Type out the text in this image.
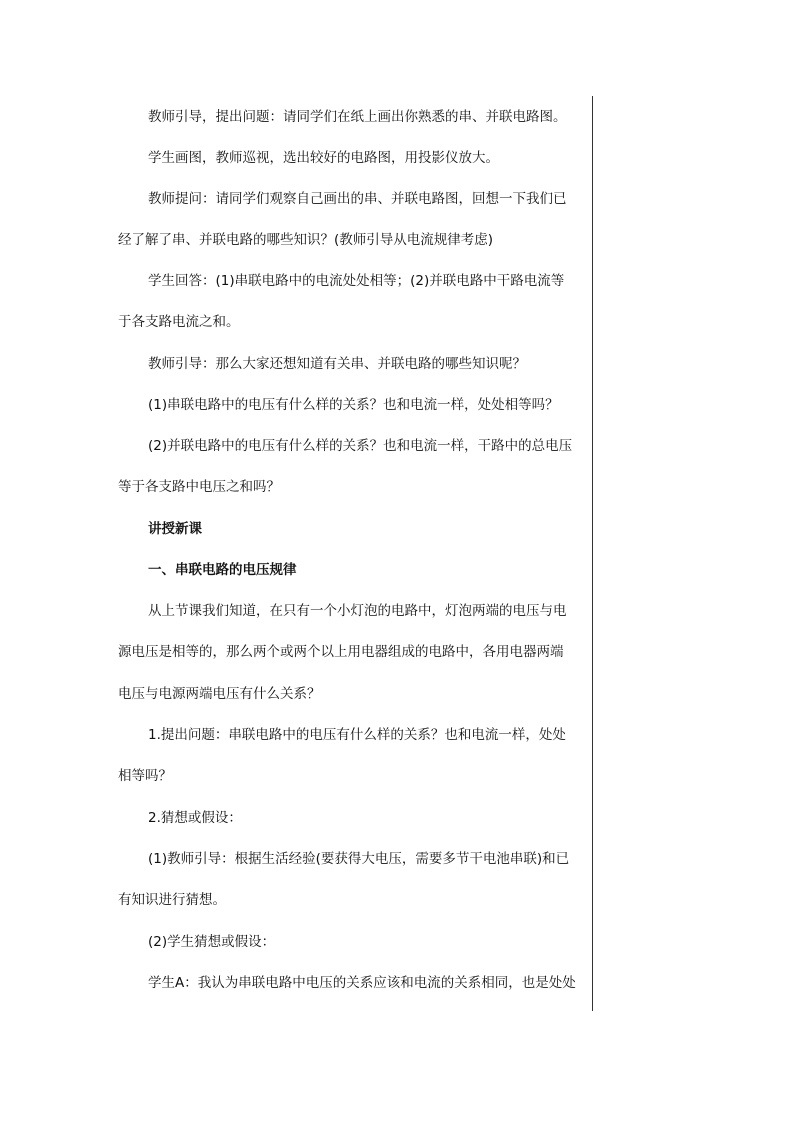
教师引导，提出问题：请同学们在纸上画出你熟悉的串、并联电路图。
学生画图，教师巡视，选出较好的电路图，用投影仪放大。
教师提问：请同学们观察自己画出的串、并联电路图，回想一下我们已
经了解了串、并联电路的哪些知识？(教师引导从电流规律考虑)
学生回答：(1)串联电路中的电流处处相等；(2)并联电路中干路电流等
于各支路电流之和。
教师引导：那么大家还想知道有关串、并联电路的哪些知识呢？
(1)串联电路中的电压有什么样的关系？也和电流一样，处处相等吗？
(2)并联电路中的电压有什么样的关系？也和电流一样，干路中的总电压
等于各支路中电压之和吗？
讲授新课
一、串联电路的电压规律
从上节课我们知道，在只有一个小灯泡的电路中，灯泡两端的电压与电
源电压是相等的，那么两个或两个以上用电器组成的电路中，各用电器两端
电压与电源两端电压有什么关系？
1.提出问题：串联电路中的电压有什么样的关系？也和电流一样，处处
相等吗？
2.猜想或假设：
(1)教师引导：根据生活经验(要获得大电压，需要多节干电池串联)和已
有知识进行猜想。
(2)学生猜想或假设：
学生A：我认为串联电路中电压的关系应该和电流的关系相同，也是处处
